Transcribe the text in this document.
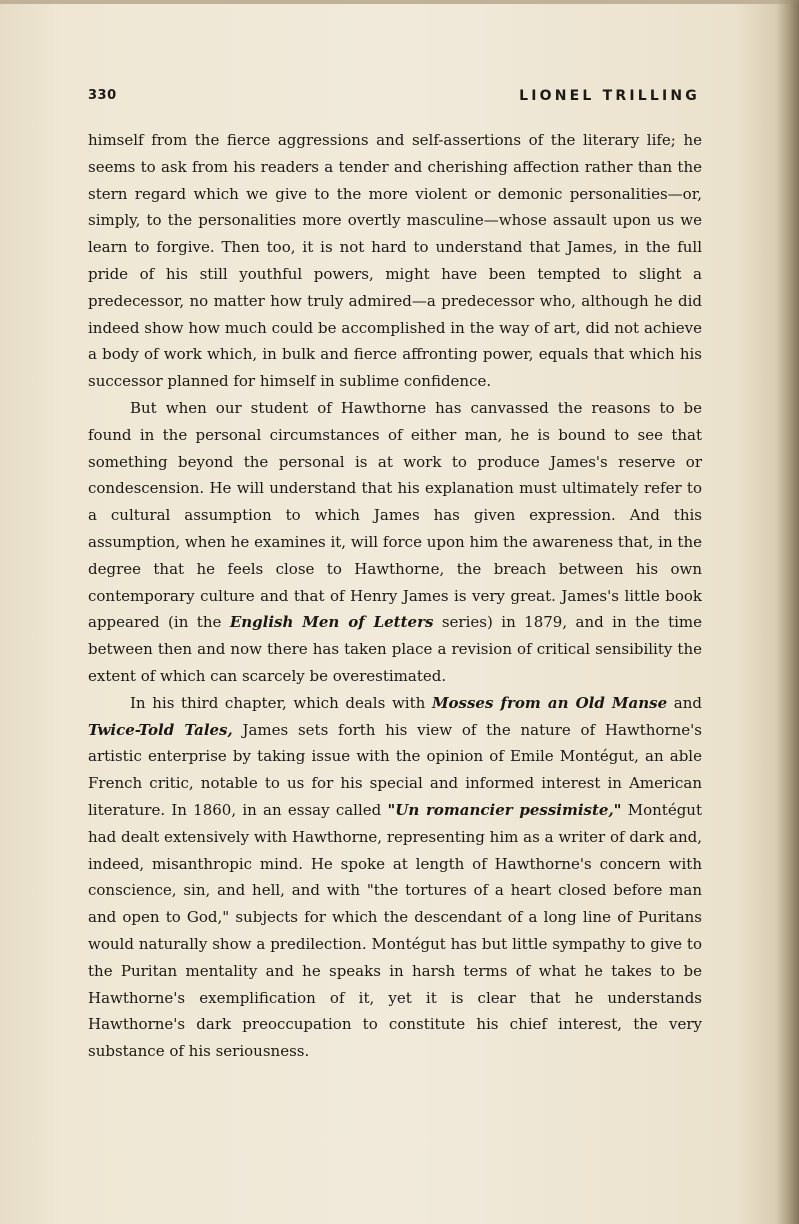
330	LIONEL TRILLING

himself from the fierce aggressions and self-assertions of the literary life; he seems to ask from his readers a tender and cherishing affection rather than the stern regard which we give to the more violent or demonic personalities—or, simply, to the personalities more overtly masculine—whose assault upon us we learn to forgive. Then too, it is not hard to understand that James, in the full pride of his still youthful powers, might have been tempted to slight a predecessor, no matter how truly admired—a predecessor who, although he did indeed show how much could be accomplished in the way of art, did not achieve a body of work which, in bulk and fierce affronting power, equals that which his successor planned for himself in sublime confidence.

But when our student of Hawthorne has canvassed the reasons to be found in the personal circumstances of either man, he is bound to see that something beyond the personal is at work to produce James's reserve or condescension. He will understand that his explanation must ultimately refer to a cultural assumption to which James has given expression. And this assumption, when he examines it, will force upon him the awareness that, in the degree that he feels close to Hawthorne, the breach between his own contemporary culture and that of Henry James is very great. James's little book appeared (in the English Men of Letters series) in 1879, and in the time between then and now there has taken place a revision of critical sensibility the extent of which can scarcely be overestimated.

In his third chapter, which deals with Mosses from an Old Manse and Twice-Told Tales, James sets forth his view of the nature of Hawthorne's artistic enterprise by taking issue with the opinion of Emile Montégut, an able French critic, notable to us for his special and informed interest in American literature. In 1860, in an essay called "Un romancier pessimiste," Montégut had dealt extensively with Hawthorne, representing him as a writer of dark and, indeed, misanthropic mind. He spoke at length of Hawthorne's concern with conscience, sin, and hell, and with "the tortures of a heart closed before man and open to God," subjects for which the descendant of a long line of Puritans would naturally show a predilection. Montégut has but little sympathy to give to the Puritan mentality and he speaks in harsh terms of what he takes to be Hawthorne's exemplification of it, yet it is clear that he understands Hawthorne's dark preoccupation to constitute his chief interest, the very substance of his seriousness.
